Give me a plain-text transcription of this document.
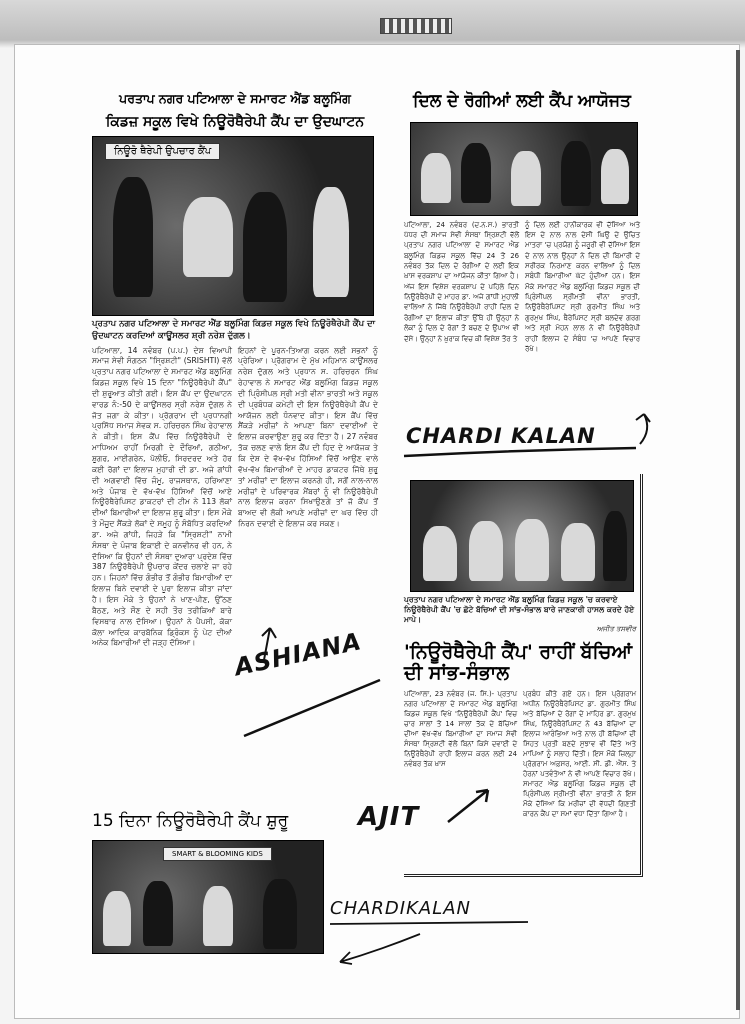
ਪਰਤਾਪ ਨਗਰ ਪਟਿਆਲਾ ਦੇ ਸਮਾਰਟ ਐਂਡ ਬਲੂਮਿੰਗ
ਕਿਡਜ਼ ਸਕੂਲ ਵਿਖੇ ਨਿਊਰੋਥੈਰੇਪੀ ਕੈਂਪ ਦਾ ਉਦਘਾਟਨ
ਨਿਊਰੋ ਥੈਰੇਪੀ ਉਪਚਾਰ ਕੈਂਪ
ਪ੍ਰਤਾਪ ਨਗਰ ਪਟਿਆਲਾ ਦੇ ਸਮਾਰਟ ਐਂਡ ਬਲੂਮਿੰਗ ਕਿਡਜ਼ ਸਕੂਲ ਵਿਖੇ ਨਿਊਰੋਥੈਰੇਪੀ ਕੈਂਪ ਦਾ ਉਦਘਾਟਨ ਕਰਦਿਆਂ ਕਾਊਂਸਲਰ ਸ਼੍ਰੀ ਨਰੇਸ਼ ਦੁੱਗਲ।
ਪਟਿਆਲਾ, 14 ਨਵੰਬਰ (ਪ.ਪ.) ਦੇਸ਼ ਵਿਆਪੀ ਸਮਾਜ ਸੇਵੀ ਸੰਗਠਨ "ਸ੍ਰਿਸ਼ਟੀ" (SRISHTI) ਵੱਲੋਂ ਪ੍ਰਤਾਪ ਨਗਰ ਪਟਿਆਲਾ ਦੇ ਸਮਾਰਟ ਐਂਡ ਬਲੂਮਿੰਗ ਕਿਡਜ਼ ਸਕੂਲ ਵਿਖੇ 15 ਦਿਨਾ "ਨਿਊਰੋਥੈਰੇਪੀ ਕੈਂਪ" ਦੀ ਸ਼ੁਰੂਆਤ ਕੀਤੀ ਗਈ। ਇਸ ਕੈਂਪ ਦਾ ਉਦਘਾਟਨ ਵਾਰਡ ਨੰ:-50 ਦੇ ਕਾਊਂਸਲਰ ਸ੍ਰੀ ਨਰੇਸ਼ ਦੁੱਗਲ ਨੇ ਜੋਤ ਜਗਾ ਕੇ ਕੀਤਾ। ਪ੍ਰੋਗਰਾਮ ਦੀ ਪ੍ਰਧਾਨਗੀ ਪ੍ਰਸਿੱਧ ਸਮਾਜ ਸੇਵਕ ਸ. ਹਰਿਚਰਨ ਸਿੰਘ ਰੇਹਾਵਾਲ ਨੇ ਕੀਤੀ। ਇਸ ਕੈਂਪ ਵਿੱਚ ਨਿਊਰੋਥੈਰੇਪੀ ਦੇ ਮਾਧਿਅਮ ਰਾਹੀਂ ਮਿਰਗੀ ਦੇ ਦੌਰਿਆਂ, ਗਠੀਆ, ਸ਼ੂਗਰ, ਮਾਈਗਰੇਨ, ਪੋਲੀਓ, ਸਿਰਦਰਦ ਅਤੇ ਹੋਰ ਕਈ ਰੋਗਾਂ ਦਾ ਇਲਾਜ ਮੁਹਾਰੀ ਦੀ ਡਾ. ਅਜੇ ਗਾਂਧੀ ਦੀ ਅਗਵਾਈ ਵਿੱਚ ਜੰਮੂ, ਰਾਜਸਥਾਨ, ਹਰਿਆਣਾ ਅਤੇ ਪੰਜਾਬ ਦੇ ਵੱਖ-ਵੱਖ ਹਿੱਸਿਆਂ ਵਿੱਚੋਂ ਆਏ ਨਿਊਰੋਥੈਰੇਪਿਸਟ ਡਾਕਟਰਾਂ ਦੀ ਟੀਮ ਨੇ 113 ਲੋਕਾਂ ਦੀਆਂ ਬਿਮਾਰੀਆਂ ਦਾ ਇਲਾਜ ਸ਼ੁਰੂ ਕੀਤਾ। ਇਸ ਮੌਕੇ ਤੇ ਮੌਜੂਦ ਸੈਂਕੜੇ ਲੋਕਾਂ ਦੇ ਸਮੂਹ ਨੂੰ ਸੰਬੋਧਿਤ ਕਰਦਿਆਂ ਡਾ. ਅਜੇ ਗਾਂਧੀ, ਜਿਹੜੇ ਕਿ "ਸ੍ਰਿਸ਼ਟੀ" ਨਾਮੀ ਸੰਸਥਾ ਦੇ ਪੰਜਾਬ ਇਕਾਈ ਦੇ ਕਨਵੀਨਰ ਵੀ ਹਨ, ਨੇ ਦੱਸਿਆ ਕਿ ਉਹਨਾਂ ਦੀ ਸੰਸਥਾ ਦੁਆਰਾ ਪ੍ਰਦੇਸ਼ ਵਿੱਚ 387 ਨਿਊਰੋਥੈਰੇਪੀ ਉਪਚਾਰ ਕੇਂਦਰ ਚਲਾਏ ਜਾ ਰਹੇ ਹਨ। ਜਿਹਨਾਂ ਵਿੱਚ ਗੰਭੀਰ ਤੋਂ ਗੰਭੀਰ ਬਿਮਾਰੀਆਂ ਦਾ ਇਲਾਜ ਬਿਨੇ ਦਵਾਈ ਦੇ ਪੂਰਾ ਇਲਾਜ ਕੀਤਾ ਜਾਂਦਾ ਹੈ। ਇਸ ਮੌਕੇ ਤੇ ਉਹਨਾਂ ਨੇ ਖਾਣ-ਪੀਣ, ਉੱਠਣ ਬੈਠਣ, ਅਤੇ ਸੌਣ ਦੇ ਸਹੀ ਤੌਰ ਤਰੀਕਿਆਂ ਬਾਰੇ ਵਿਸਥਾਰ ਨਾਲ ਦੱਸਿਆ। ਉਹਨਾਂ ਨੇ ਪੈਪਸੀ, ਕੋਕਾ ਕੋਲਾ ਆਦਿਕ ਕਾਰਬੋਨਿਕ ਡ੍ਰਿੰਕਸ ਨੂੰ ਪੇਟ ਦੀਆਂ ਅਨੇਕ ਬਿਮਾਰੀਆਂ ਦੀ ਜੜ੍ਹ ਦੱਸਿਆ।
ਇਹਨਾਂ ਦੇ ਪੂਰਨ-ਤਿਆਗ ਕਰਨ ਲਈ ਸਭਨਾਂ ਨੂੰ ਪ੍ਰੇਰਿਆ। ਪ੍ਰੋਗਰਾਮ ਦੇ ਮੁੱਖ ਮਹਿਮਾਨ ਕਾਊਂਸਲਰ ਨਰੇਸ਼ ਦੁੱਗਲ ਅਤੇ ਪ੍ਰਧਾਨ ਸ. ਹਰਿਚਰਨ ਸਿੰਘ ਰੇਹਾਵਾਲ ਨੇ ਸਮਾਰਟ ਐਂਡ ਬਲੂਮਿੰਗ ਕਿਡਜ਼ ਸਕੂਲ ਦੀ ਪ੍ਰਿੰਸੀਪਲ ਸ੍ਰੀ ਮਤੀ ਵੀਨਾ ਭਾਰਤੀ ਅਤੇ ਸਕੂਲ ਦੀ ਪ੍ਰਬੰਧਕ ਕਮੇਟੀ ਦੀ ਇਸ ਨਿਊਰੋਥੈਰੇਪੀ ਕੈਂਪ ਦੇ ਆਯੋਜਨ ਲਈ ਧੰਨਵਾਦ ਕੀਤਾ। ਇਸ ਕੈਂਪ ਵਿੱਚ ਸੈਂਕੜੇ ਮਰੀਜ਼ਾਂ ਨੇ ਆਪਣਾ ਬਿਨਾ ਦਵਾਈਆਂ ਦੇ ਇਲਾਜ ਕਰਵਾਉਣਾ ਸ਼ੁਰੂ ਕਰ ਦਿੱਤਾ ਹੈ। 27 ਨਵੰਬਰ ਤੱਕ ਚਲਣ ਵਾਲੇ ਇਸ ਕੈਂਪ ਦੀ ਹਿਦ ਦੇ ਆਯੋਜਕ ਤੇ ਕਿ ਦੇਸ਼ ਦੇ ਵੱਖ-ਵੱਖ ਹਿੱਸਿਆਂ ਵਿੱਚੋਂ ਆਉਣ ਵਾਲੇ ਵੱਖ-ਵੱਖ ਬਿਮਾਰੀਆਂ ਦੇ ਮਾਹਰ ਡਾਕਟਰ ਜਿੱਥੇ ਸ਼ੁਰੂ ਤਾਂ ਮਰੀਜ਼ਾਂ ਦਾ ਇਲਾਜ ਕਰਨਗੇ ਹੀ, ਸਗੋਂ ਨਾਲ-ਨਾਲ ਮਰੀਜ਼ਾਂ ਦੇ ਪਰਿਵਾਰਕ ਮੈਂਬਰਾਂ ਨੂੰ ਵੀ ਨਿਊਰੋਥੈਰੇਪੀ ਨਾਲ ਇਲਾਜ ਕਰਨਾ ਸਿਖਾਉਣਗੇ ਤਾਂ ਜੋ ਕੈਂਪ ਤੋਂ ਬਾਅਦ ਵੀ ਲੋਕੀ ਆਪਣੇ ਮਰੀਜ਼ਾਂ ਦਾ ਘਰ ਵਿੱਚ ਹੀ ਨਿਰਨ ਦਵਾਈ ਦੇ ਇਲਾਜ ਕਰ ਸਕਣ।
ਦਿਲ ਦੇ ਰੋਗੀਆਂ ਲਈ ਕੈਂਪ ਆਯੋਜਤ
ਪਟਿਆਲਾ, 24 ਨਵੰਬਰ (ਦ.ਨ.ਸ.) ਭਾਰਤੀ ਪੱਧਰ ਦੀ ਸਮਾਜ ਸੇਵੀ ਸੰਸਥਾ ਸ੍ਰਿਸ਼ਟੀ ਵੱਲੋਂ ਪ੍ਰਤਾਪ ਨਗਰ ਪਟਿਆਲਾ ਦੇ ਸਮਾਰਟ ਐਂਡ ਬਲੂਮਿੰਗ ਕਿਡਜ਼ ਸਕੂਲ ਵਿੱਚ 24 ਤੋਂ 26 ਨਵੰਬਰ ਤੱਕ ਦਿਲ ਦੇ ਰੋਗੀਆਂ ਦੇ ਲਈ ਇਕ ਖ਼ਾਸ ਵਰਕਸ਼ਾਪ ਦਾ ਆਯੋਜਨ ਕੀਤਾ ਗਿਆ ਹੈ। ਅੱਜ ਇਸ ਵਿਸ਼ੇਸ਼ ਵਰਕਸ਼ਾਪ ਦੇ ਪਹਿਲੇ ਦਿਨ ਨਿਊਰੋਥੈਰੇਪੀ ਦੇ ਮਾਹਰ ਡਾ. ਅਜੇ ਗਾਂਧੀ ਮੁਹਾਲੀ ਵਾਲਿਆਂ ਨੇ ਜਿੱਥੇ ਨਿਊਰੋਥੈਰੇਪੀ ਰਾਹੀਂ ਦਿਲ ਦੇ ਰੋਗੀਆਂ ਦਾ ਇਲਾਜ ਕੀਤਾ ਉੱਥੇ ਹੀ ਉਨ੍ਹਾਂ ਨੇ ਲੋਕਾਂ ਨੂੰ ਦਿਲ ਦੇ ਰੋਗਾਂ ਤੋਂ ਬਚਣ ਦੇ ਉਪਾਅ ਵੀ ਦੱਸੇ। ਉਨ੍ਹਾਂ ਨੇ ਖ਼ੁਰਾਕ ਵਿਚ ਕੀ ਵਿਸ਼ੇਸ਼ ਤੌਰ ਤੇ
ਨੂੰ ਦਿਲ ਲਈ ਹਾਨੀਕਾਰਕ ਵੀ ਦੱਸਿਆ ਅਤੇ ਇਸ ਦੇ ਨਾਲ ਨਾਲ ਦੇਸੀ ਘਿਉ ਦੇ ਉਚਿਤ ਮਾਤਰਾ 'ਚ ਪ੍ਰਯੋਗ ਨੂੰ ਜਰੂਰੀ ਵੀ ਦੱਸਿਆ ਇਸ ਦੇ ਨਾਲ ਨਾਲ ਉਨ੍ਹਾਂ ਨੇ ਦਿਲ ਦੀ ਬਿਮਾਰੀ ਦੇ ਸਰੀਰਕ ਨਿਰਮਾਣ ਕਰਨ ਵਾਲਿਆਂ ਨੂੰ ਦਿਲ ਸਬੰਧੀ ਬਿਮਾਰੀਆਂ ਘੱਟ ਹੁੰਦੀਆਂ ਹਨ। ਇਸ ਮੌਕੇ ਸਮਾਰਟ ਐਂਡ ਬਲੂਮਿੰਗ ਕਿਡਜ਼ ਸਕੂਲ ਦੀ ਪ੍ਰਿੰਸੀਪਲ ਸ੍ਰੀਮਤੀ ਵੀਨਾ ਭਾਰਤੀ, ਨਿਊਰੋਥੈਰੇਪਿਸਟ ਸ੍ਰੀ ਗੁਰਮੀਤ ਸਿੰਘ ਅਤੇ ਗੁਰਮੁਖ ਸਿੰਘ, ਥੈਰੇਪਿਸਟ ਸ੍ਰੀ ਬਲਦੇਵ ਗਰਗ ਅਤੇ ਸ੍ਰੀ ਮੋਹਨ ਲਾਲ ਨੇ ਵੀ ਨਿਊਰੋਥੈਰੇਪੀ ਰਾਹੀਂ ਇਲਾਜ ਦੇ ਸੰਬੰਧ 'ਚ ਆਪਣੇ ਵਿਚਾਰ ਰੱਖੇ।
ਪ੍ਰਤਾਪ ਨਗਰ ਪਟਿਆਲਾ ਦੇ ਸਮਾਰਟ ਐਂਡ ਬਲੂਮਿੰਗ ਕਿਡਜ਼ ਸਕੂਲ 'ਚ ਕਰਵਾਏ ਨਿਊਰੋਥੈਰੇਪੀ ਕੈਂਪ 'ਚ ਛੋਟੇ ਬੱਚਿਆਂ ਦੀ ਸਾਂਭ-ਸੰਭਾਲ ਬਾਰੇ ਜਾਣਕਾਰੀ ਹਾਸਲ ਕਰਦੇ ਹੋਏ ਮਾਪੇ।
ਅਜੀਤ ਤਸਵੀਰ
'ਨਿਊਰੋਥੈਰੇਪੀ ਕੈਂਪ' ਰਾਹੀਂ ਬੱਚਿਆਂ ਦੀ ਸਾਂਭ-ਸੰਭਾਲ
ਪਟਿਆਲਾ, 23 ਨਵੰਬਰ (ਜ. ਸਿ.)- ਪ੍ਰਤਾਪ ਨਗਰ ਪਟਿਆਲਾ ਦੇ ਸਮਾਰਟ ਐਂਡ ਬਲੂਮਿੰਗ ਕਿਡਜ਼ ਸਕੂਲ ਵਿਖੇ 'ਨਿਊਰੋਥੈਰੇਪੀ ਕੈਂਪ' ਵਿਚ ਚਾਰ ਸਾਲਾਂ ਤੋਂ 14 ਸਾਲਾਂ ਤੱਕ ਦੇ ਬੱਚਿਆਂ ਦੀਆਂ ਵੱਖ-ਵੱਖ ਬਿਮਾਰੀਆਂ ਦਾ ਸਮਾਜ ਸੇਵੀ ਸੰਸਥਾ ਸ੍ਰਿਸ਼ਟੀ ਵੱਲੋਂ ਬਿਨਾਂ ਕਿਸੇ ਦਵਾਈ ਦੇ ਨਿਊਰੋਥੈਰੇਪੀ ਰਾਹੀਂ ਇਲਾਜ ਕਰਨ ਲਈ 24 ਨਵੰਬਰ ਤੱਕ ਖ਼ਾਸ
ਪ੍ਰਬੰਧ ਕੀਤੇ ਗਏ ਹਨ। ਇਸ ਪ੍ਰੋਗਰਾਮ ਅਧੀਨ ਨਿਊਰੋਥੈਰੇਪਿਸਟ ਡਾ. ਗੁਰਮੀਤ ਸਿੰਘ ਅਤੇ ਬੱਚਿਆਂ ਦੇ ਰੋਗਾਂ ਦੇ ਮਾਹਿਰ ਡਾ. ਗੁਰਮੁਖ ਸਿੰਘ, ਨਿਊਰੋਥੈਰੇਪਿਸਟ ਨੇ 43 ਬੱਚਿਆਂ ਦਾ ਇਲਾਜ ਆਰੰਭਿਆ ਅਤੇ ਨਾਲ ਹੀ ਬੱਚਿਆਂ ਦੀ ਸਿਹਤ ਪ੍ਰਤੀ ਬਣਦੇ ਸੁਝਾਵ ਵੀ ਦਿੱਤੇ ਅਤੇ ਮਾਪਿਆਂ ਨੂੰ ਸਲਾਹ ਦਿੱਤੀ। ਇਸ ਮੌਕੇ ਜ਼ਿਲ੍ਹਾ ਪ੍ਰੋਗਰਾਮ ਅਫ਼ਸਰ, ਆਈ. ਸੀ. ਡੀ. ਐੱਸ. ਤੇ ਹੋਰਨਾਂ ਪਤਵੰਤੇਆਂ ਨੇ ਵੀ ਆਪਣੇ ਵਿਚਾਰ ਰੱਖੇ। ਸਮਾਰਟ ਐਂਡ ਬਲੂਮਿੰਗ ਕਿਡਜ਼ ਸਕੂਲ ਦੀ ਪ੍ਰਿੰਸੀਪਲ ਸ੍ਰੀਮਤੀ ਵੀਨਾ ਭਾਰਤੀ ਨੇ ਇਸ ਮੌਕੇ ਦੱਸਿਆ ਕਿ ਮਰੀਜ਼ਾਂ ਦੀ ਵੱਧਦੀ ਗਿਣਤੀ ਕਾਰਨ ਕੈਂਪ ਦਾ ਸਮਾਂ ਵਧਾ ਦਿੱਤਾ ਗਿਆ ਹੈ।
15 ਦਿਨਾ ਨਿਊਰੋਥੈਰੇਪੀ ਕੈਂਪ ਸ਼ੁਰੂ
SMART & BLOOMING KIDS
CHARDI KALAN
ASHIANA
AJIT
CHARDIKALAN
